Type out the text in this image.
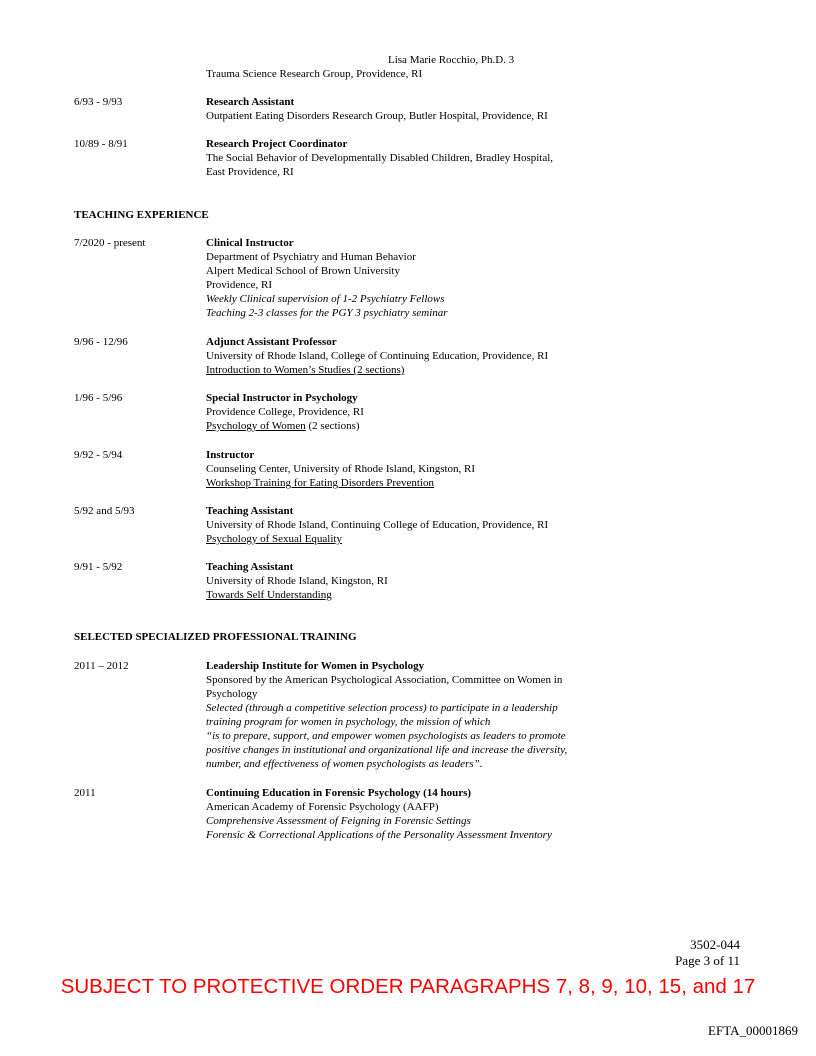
Lisa Marie Rocchio, Ph.D. 3
Trauma Science Research Group, Providence, RI
6/93 - 9/93	Research Assistant
Outpatient Eating Disorders Research Group, Butler Hospital, Providence, RI
10/89 - 8/91	Research Project Coordinator
The Social Behavior of Developmentally Disabled Children, Bradley Hospital,
East Providence, RI
TEACHING EXPERIENCE
7/2020 - present	Clinical Instructor
Department of Psychiatry and Human Behavior
Alpert Medical School of Brown University
Providence, RI
Weekly Clinical supervision of 1-2 Psychiatry Fellows
Teaching 2-3 classes for the PGY 3 psychiatry seminar
9/96 - 12/96	Adjunct Assistant Professor
University of Rhode Island, College of Continuing Education, Providence, RI
Introduction to Women’s Studies (2 sections)
1/96 - 5/96	Special Instructor in Psychology
Providence College, Providence, RI
Psychology of Women (2 sections)
9/92 - 5/94	Instructor
Counseling Center, University of Rhode Island, Kingston, RI
Workshop Training for Eating Disorders Prevention
5/92 and 5/93	Teaching Assistant
University of Rhode Island, Continuing College of Education, Providence, RI
Psychology of Sexual Equality
9/91 - 5/92	Teaching Assistant
University of Rhode Island, Kingston, RI
Towards Self Understanding
SELECTED SPECIALIZED PROFESSIONAL TRAINING
2011 – 2012	Leadership Institute for Women in Psychology
Sponsored by the American Psychological Association, Committee on Women in
Psychology
Selected (through a competitive selection process) to participate in a leadership
training program for women in psychology, the mission of which
“is to prepare, support, and empower women psychologists as leaders to promote
positive changes in institutional and organizational life and increase the diversity,
number, and effectiveness of women psychologists as leaders”.
2011	Continuing Education in Forensic Psychology (14 hours)
American Academy of Forensic Psychology (AAFP)
Comprehensive Assessment of Feigning in Forensic Settings
Forensic & Correctional Applications of the Personality Assessment Inventory
3502-044
Page 3 of 11
SUBJECT TO PROTECTIVE ORDER PARAGRAPHS 7, 8, 9, 10, 15, and 17
EFTA_00001869
